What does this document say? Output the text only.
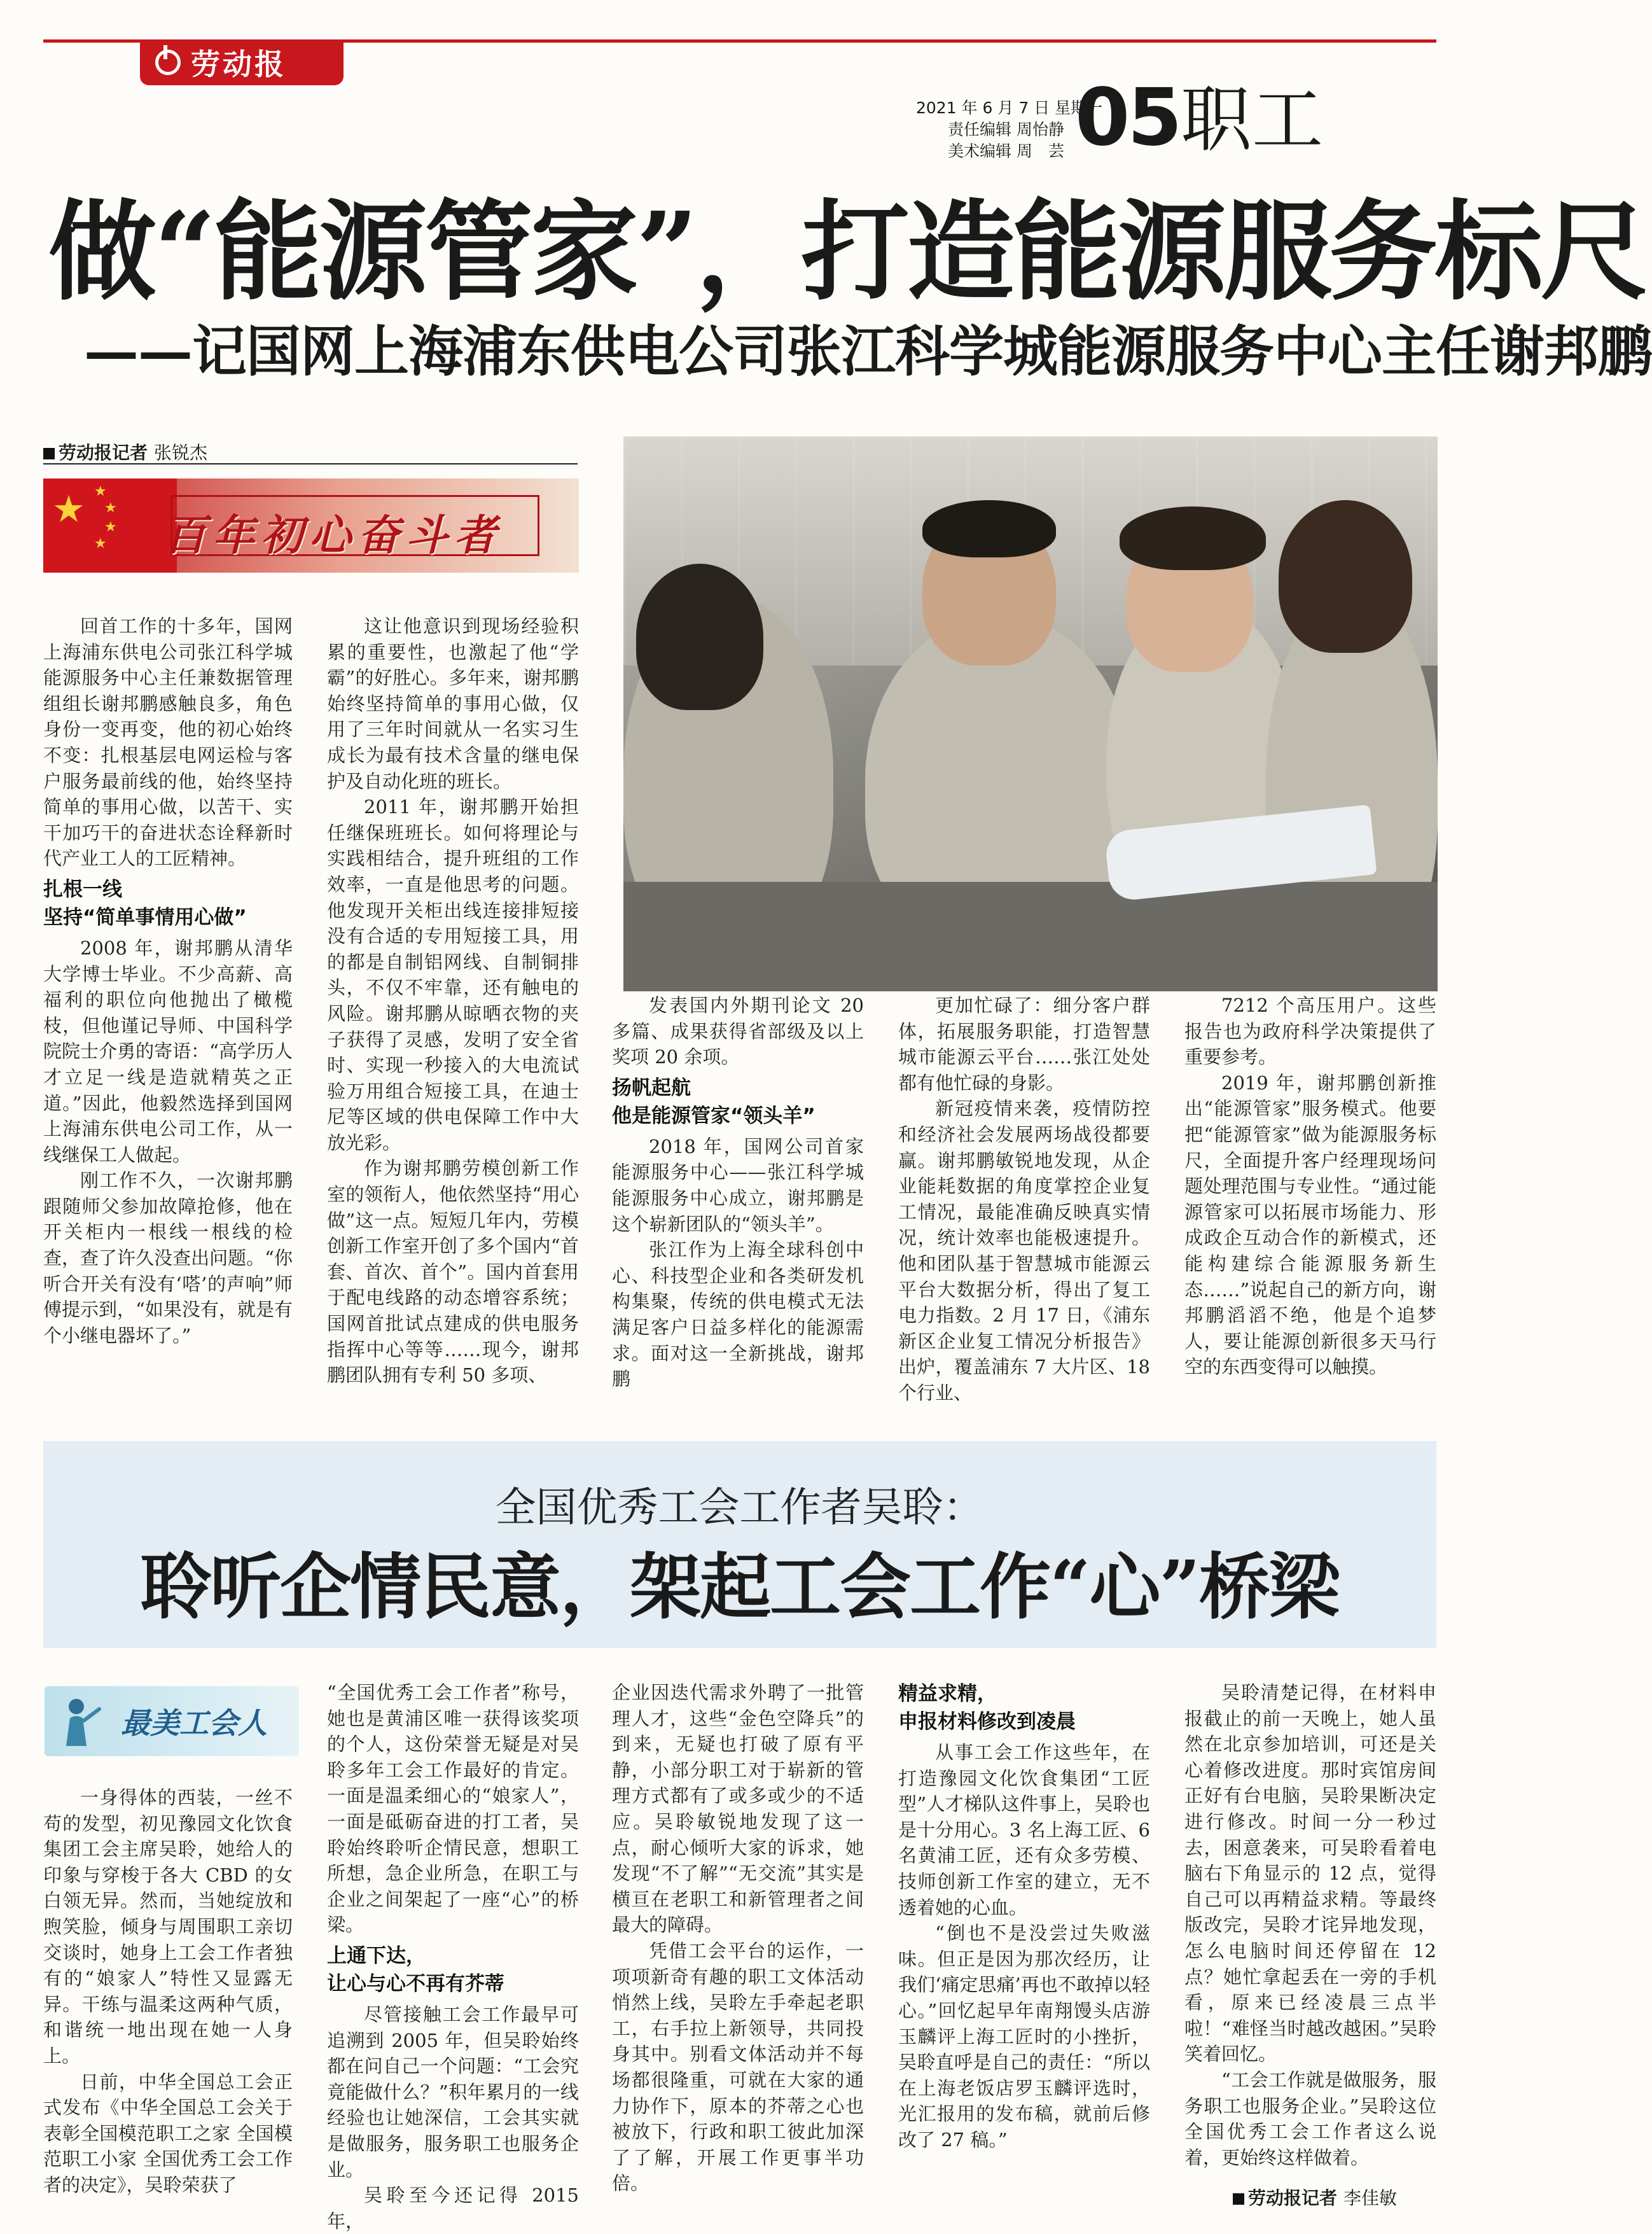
劳动报
2021 年 6 月 7 日 星期一
责任编辑 周怡静
美术编辑 周　芸 05 职工
做“能源管家”，打造能源服务标尺
——记国网上海浦东供电公司张江科学城能源服务中心主任谢邦鹏
劳动报记者 张锐杰
★ ★
★
★
★ 百年初心奋斗者

回首工作的十多年，国网上海浦东供电公司张江科学城能源服务中心主任兼数据管理组组长谢邦鹏感触良多，角色身份一变再变，他的初心始终不变：扎根基层电网运检与客户服务最前线的他，始终坚持简单的事用心做，以苦干、实干加巧干的奋进状态诠释新时代产业工人的工匠精神。

扎根一线
坚持“简单事情用心做”

2008 年，谢邦鹏从清华大学博士毕业。不少高薪、高福利的职位向他抛出了橄榄枝，但他谨记导师、中国科学院院士介勇的寄语：“高学历人才立足一线是造就精英之正道。”因此，他毅然选择到国网上海浦东供电公司工作，从一线继保工人做起。

刚工作不久，一次谢邦鹏跟随师父参加故障抢修，他在开关柜内一根线一根线的检查，查了许久没查出问题。“你听合开关有没有‘嗒’的声响”师傅提示到，“如果没有，就是有个小继电器坏了。”

这让他意识到现场经验积累的重要性，也激起了他“学霸”的好胜心。多年来，谢邦鹏始终坚持简单的事用心做，仅用了三年时间就从一名实习生成长为最有技术含量的继电保护及自动化班的班长。

2011 年，谢邦鹏开始担任继保班班长。如何将理论与实践相结合，提升班组的工作效率，一直是他思考的问题。他发现开关柜出线连接排短接没有合适的专用短接工具，用的都是自制铝网线、自制铜排头，不仅不牢靠，还有触电的风险。谢邦鹏从晾晒衣物的夹子获得了灵感，发明了安全省时、实现一秒接入的大电流试验万用组合短接工具，在迪士尼等区域的供电保障工作中大放光彩。

作为谢邦鹏劳模创新工作室的领衔人，他依然坚持“用心做”这一点。短短几年内，劳模创新工作室开创了多个国内“首套、首次、首个”。国内首套用于配电线路的动态增容系统；国网首批试点建成的供电服务指挥中心等等……现今，谢邦鹏团队拥有专利 50 多项、

发表国内外期刊论文 20 多篇、成果获得省部级及以上奖项 20 余项。

扬帆起航
他是能源管家“领头羊”

2018 年，国网公司首家能源服务中心——张江科学城能源服务中心成立，谢邦鹏是这个崭新团队的“领头羊”。

张江作为上海全球科创中心、科技型企业和各类研发机构集聚，传统的供电模式无法满足客户日益多样化的能源需求。面对这一全新挑战，谢邦鹏

更加忙碌了：细分客户群体，拓展服务职能，打造智慧城市能源云平台……张江处处都有他忙碌的身影。

新冠疫情来袭，疫情防控和经济社会发展两场战役都要赢。谢邦鹏敏锐地发现，从企业能耗数据的角度掌控企业复工情况，最能准确反映真实情况，统计效率也能极速提升。他和团队基于智慧城市能源云平台大数据分析，得出了复工电力指数。2 月 17 日，《浦东新区企业复工情况分析报告》出炉，覆盖浦东 7 大片区、18 个行业、

7212 个高压用户。这些报告也为政府科学决策提供了重要参考。

2019 年，谢邦鹏创新推出“能源管家”服务模式。他要把“能源管家”做为能源服务标尺，全面提升客户经理现场问题处理范围与专业性。“通过能源管家可以拓展市场能力、形成政企互动合作的新模式，还能构建综合能源服务新生态……”说起自己的新方向，谢邦鹏滔滔不绝，他是个追梦人，要让能源创新很多天马行空的东西变得可以触摸。

全国优秀工会工作者吴聆：
聆听企情民意，架起工会工作“心”桥梁
最美工会人

一身得体的西装，一丝不苟的发型，初见豫园文化饮食集团工会主席吴聆，她给人的印象与穿梭于各大 CBD 的女白领无异。然而，当她绽放和煦笑脸，倾身与周围职工亲切交谈时，她身上工会工作者独有的“娘家人”特性又显露无异。干练与温柔这两种气质，和谐统一地出现在她一人身上。

日前，中华全国总工会正式发布《中华全国总工会关于表彰全国模范职工之家 全国模范职工小家 全国优秀工会工作者的决定》，吴聆荣获了

“全国优秀工会工作者”称号，她也是黄浦区唯一获得该奖项的个人，这份荣誉无疑是对吴聆多年工会工作最好的肯定。一面是温柔细心的“娘家人”，一面是砥砺奋进的打工者，吴聆始终聆听企情民意，想职工所想，急企业所急，在职工与企业之间架起了一座“心”的桥梁。

上通下达，
让心与心不再有芥蒂

尽管接触工会工作最早可追溯到 2005 年，但吴聆始终都在问自己一个问题：“工会究竟能做什么？”积年累月的一线经验也让她深信，工会其实就是做服务，服务职工也服务企业。

吴聆至今还记得 2015 年，

企业因迭代需求外聘了一批管理人才，这些“金色空降兵”的到来，无疑也打破了原有平静，小部分职工对于崭新的管理方式都有了或多或少的不适应。吴聆敏锐地发现了这一点，耐心倾听大家的诉求，她发现“不了解”“无交流”其实是横亘在老职工和新管理者之间最大的障碍。

凭借工会平台的运作，一项项新奇有趣的职工文体活动悄然上线，吴聆左手牵起老职工，右手拉上新领导，共同投身其中。别看文体活动并不每场都很隆重，可就在大家的通力协作下，原本的芥蒂之心也被放下，行政和职工彼此加深了了解，开展工作更事半功倍。

精益求精，
申报材料修改到凌晨

从事工会工作这些年，在打造豫园文化饮食集团“工匠型”人才梯队这件事上，吴聆也是十分用心。3 名上海工匠、6 名黄浦工匠，还有众多劳模、技师创新工作室的建立，无不透着她的心血。

“倒也不是没尝过失败滋味。但正是因为那次经历，让我们‘痛定思痛’再也不敢掉以轻心。”回忆起早年南翔馒头店游玉麟评上海工匠时的小挫折，吴聆直呼是自己的责任：“所以在上海老饭店罗玉麟评选时，光汇报用的发布稿，就前后修改了 27 稿。”

吴聆清楚记得，在材料申报截止的前一天晚上，她人虽然在北京参加培训，可还是关心着修改进度。那时宾馆房间正好有台电脑，吴聆果断决定进行修改。时间一分一秒过去，困意袭来，可吴聆看着电脑右下角显示的 12 点，觉得自己可以再精益求精。等最终版改完，吴聆才诧异地发现，怎么电脑时间还停留在 12 点？她忙拿起丢在一旁的手机看，原来已经凌晨三点半啦！“难怪当时越改越困。”吴聆笑着回忆。

“工会工作就是做服务，服务职工也服务企业。”吴聆这位全国优秀工会工作者这么说着，更始终这样做着。

劳动报记者 李佳敏
